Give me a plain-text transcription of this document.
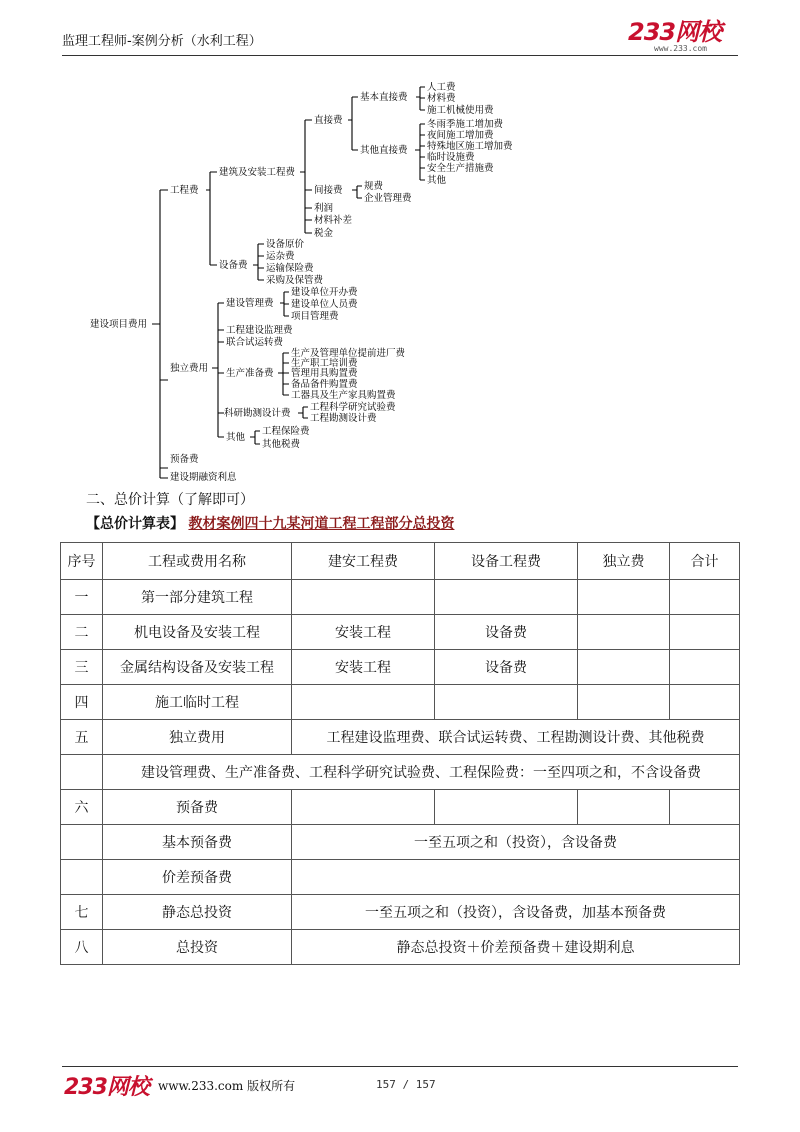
监理工程师-案例分析（水利工程）	233网校
www.233.com
建设项目费用
工程费
建筑及安装工程费
直接费
基本直接费
人工费
材料费
施工机械使用费
其他直接费
冬雨季施工增加费
夜间施工增加费
特殊地区施工增加费
临时设施费
安全生产措施费
其他
间接费 规费
企业管理费
利润
材料补差
税金
设备费
设备原价
运杂费
运输保险费
采购及保管费
独立费用
建设管理费
建设单位开办费
建设单位人员费
项目管理费
工程建设监理费
联合试运转费
生产准备费
生产及管理单位提前进厂费
生产职工培训费
管理用具购置费
备品备件购置费
工器具及生产家具购置费
科研勘测设计费
工程科学研究试验费
工程勘测设计费
其他
工程保险费
其他税费
预备费
建设期融资利息
二、总价计算（了解即可）
【总价计算表】 教材案例四十九某河道工程工程部分总投资
序号	工程或费用名称	建安工程费	设备工程费	独立费	合计
一	第一部分建筑工程				
二	机电设备及安装工程	安装工程	设备费		
三	金属结构设备及安装工程	安装工程	设备费		
四	施工临时工程				
五	独立费用	工程建设监理费、联合试运转费、工程勘测设计费、其他税费			
	建设管理费、生产准备费、工程科学研究试验费、工程保险费：一至四项之和，不含设备费				
六	预备费				
	基本预备费	一至五项之和（投资），含设备费			
	价差预备费				
七	静态总投资	一至五项之和（投资），含设备费，加基本预备费			
八	总投资	静态总投资＋价差预备费＋建设期利息			
233网校 www.233.com 版权所有	157 / 157
